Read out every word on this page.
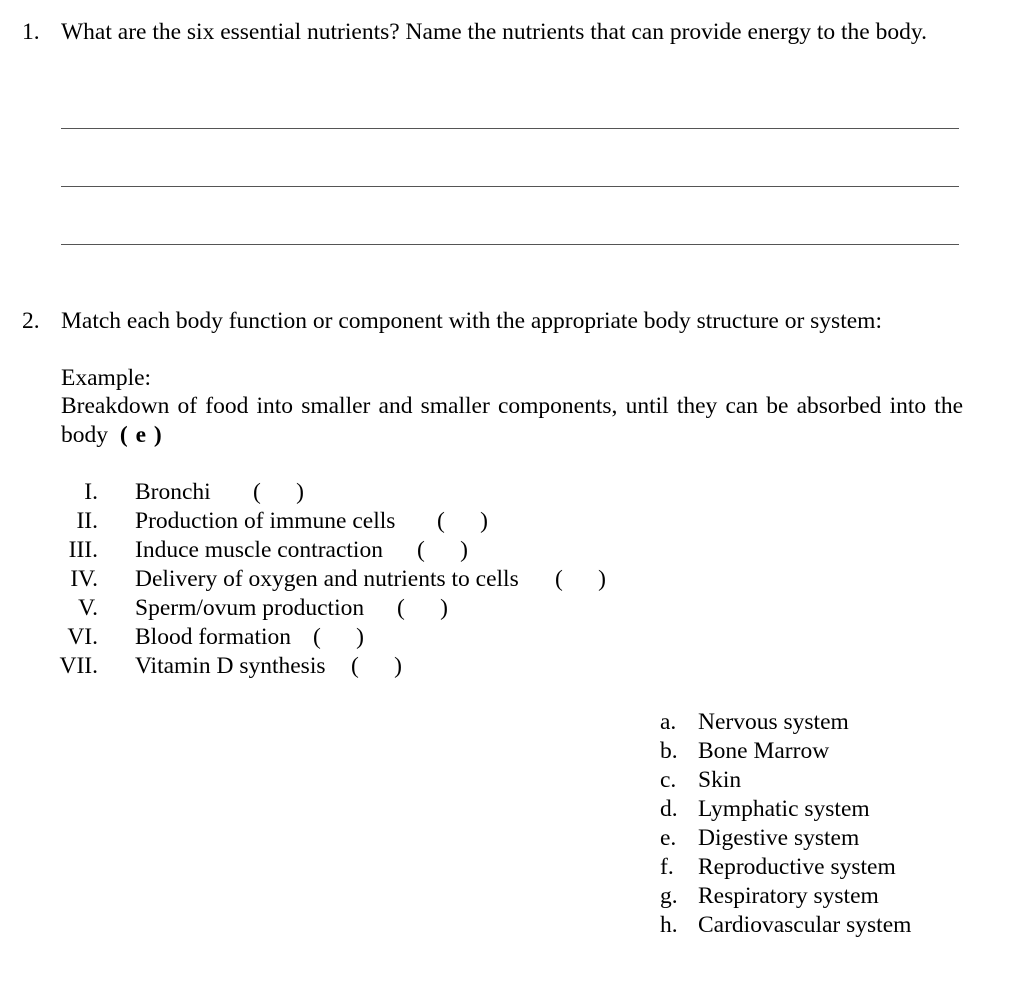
1. What are the six essential nutrients? Name the nutrients that can provide energy to the body.
2. Match each body function or component with the appropriate body structure or system:
Example:
Breakdown of food into smaller and smaller components, until they can be absorbed into the body ( e )
I. Bronchi (      )
II. Production of immune cells (      )
III. Induce muscle contraction (      )
IV. Delivery of oxygen and nutrients to cells (      )
V. Sperm/ovum production (      )
VI. Blood formation (      )
VII. Vitamin D synthesis (      )
a. Nervous system
b. Bone Marrow
c. Skin
d. Lymphatic system
e. Digestive system
f. Reproductive system
g. Respiratory system
h. Cardiovascular system
